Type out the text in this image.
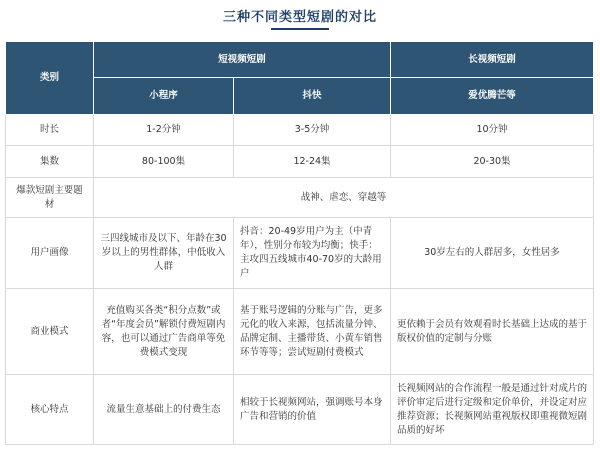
三种不同类型短剧的对比
类别	短视频短剧		长视频短剧
	小程序	抖快	爱优腾芒等
时长	1-2分钟	3-5分钟	10分钟
集数	80-100集	12-24集	20-30集
爆款短剧主要题材	战神、虐恋、穿越等		
用户画像	三四线城市及以下、年龄在30岁以上的男性群体，中低收入人群	抖音：20-49岁用户为主（中青年），性别分布较为均衡；快手：主攻四五线城市40-70岁的大龄用户	30岁左右的人群居多，女性居多
商业模式	充值购买各类“积分点数”或者“年度会员”解锁付费短剧内容，也可以通过广告商单等免费模式变现	基于账号逻辑的分账与广告，更多元化的收入来源，包括流量分钟、品牌定制、主播带货、小黄车销售环节等等；尝试短剧付费模式	更依赖于会员有效观看时长基础上达成的基于版权价值的定制与分账
核心特点	流量生意基础上的付费生态	相较于长视频网站，强调账号本身广告和营销的价值	长视频网站的合作流程一般是通过针对成片的评价审定后进行定级和定价单价，并设定对应推荐资源；长视频网站重视版权即重视微短剧品质的好坏
